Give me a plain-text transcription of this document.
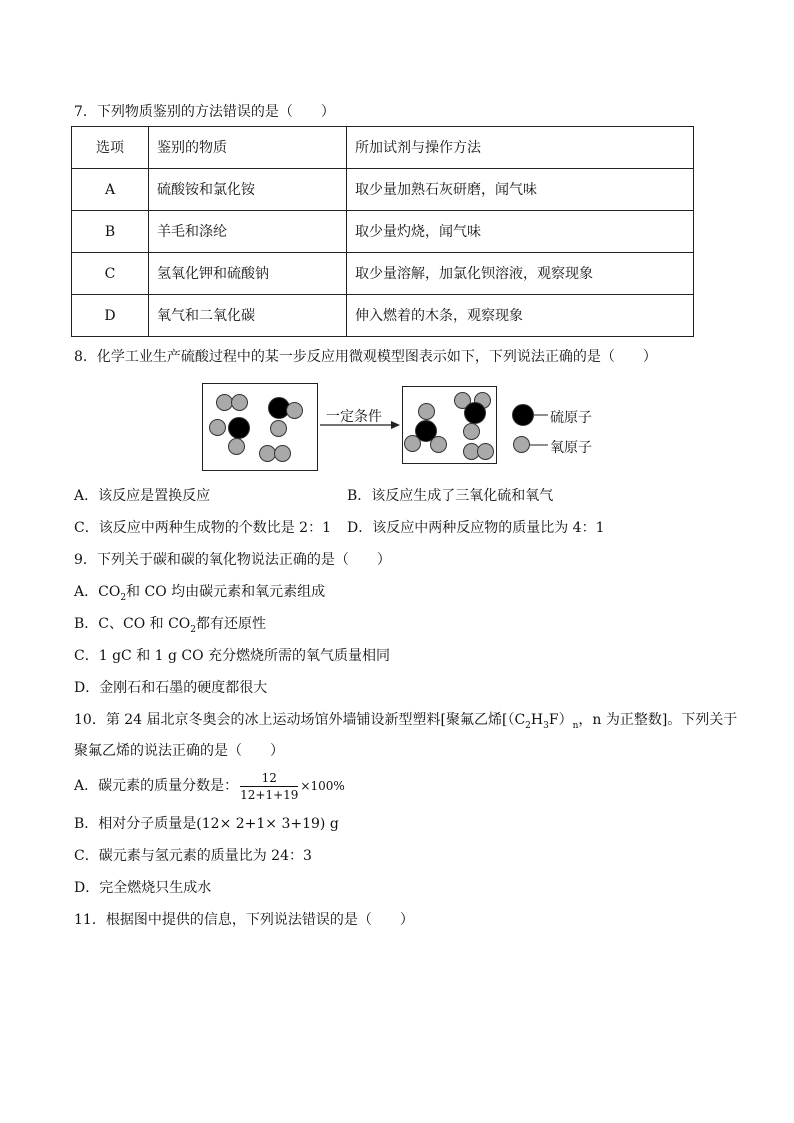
7．下列物质鉴别的方法错误的是（　　）
选项	鉴别的物质	所加试剂与操作方法
A	硫酸铵和氯化铵	取少量加熟石灰研磨，闻气味
B	羊毛和涤纶	取少量灼烧，闻气味
C	氢氧化钾和硫酸钠	取少量溶解，加氯化钡溶液，观察现象
D	氧气和二氧化碳	伸入燃着的木条，观察现象
8．化学工业生产硫酸过程中的某一步反应用微观模型图表示如下，下列说法正确的是（　　）
一定条件	硫原子
氧原子
A．该反应是置换反应	B．该反应生成了三氧化硫和氧气
C．该反应中两种生成物的个数比是 2：1 D．该反应中两种反应物的质量比为 4：1
9．下列关于碳和碳的氧化物说法正确的是（　　）
A．$CO_2$和 CO 均由碳元素和氧元素组成
B．C、CO 和 $CO_2$都有还原性
C．1 gC 和 1 g CO 充分燃烧所需的氧气质量相同
D．金刚石和石墨的硬度都很大
10．第 24 届北京冬奥会的冰上运动场馆外墙铺设新型塑料[聚氟乙烯[$(C_2H_3F)_n$，n 为正整数]。下列关于
聚氟乙烯的说法正确的是（　　）
A．碳元素的质量分数是： $\frac{12}{12+1+19} \times 100\%$
B．相对分子质量是(12× 2+1× 3+19) g
C．碳元素与氢元素的质量比为 24：3
D．完全燃烧只生成水
11．根据图中提供的信息，下列说法错误的是（　　）
